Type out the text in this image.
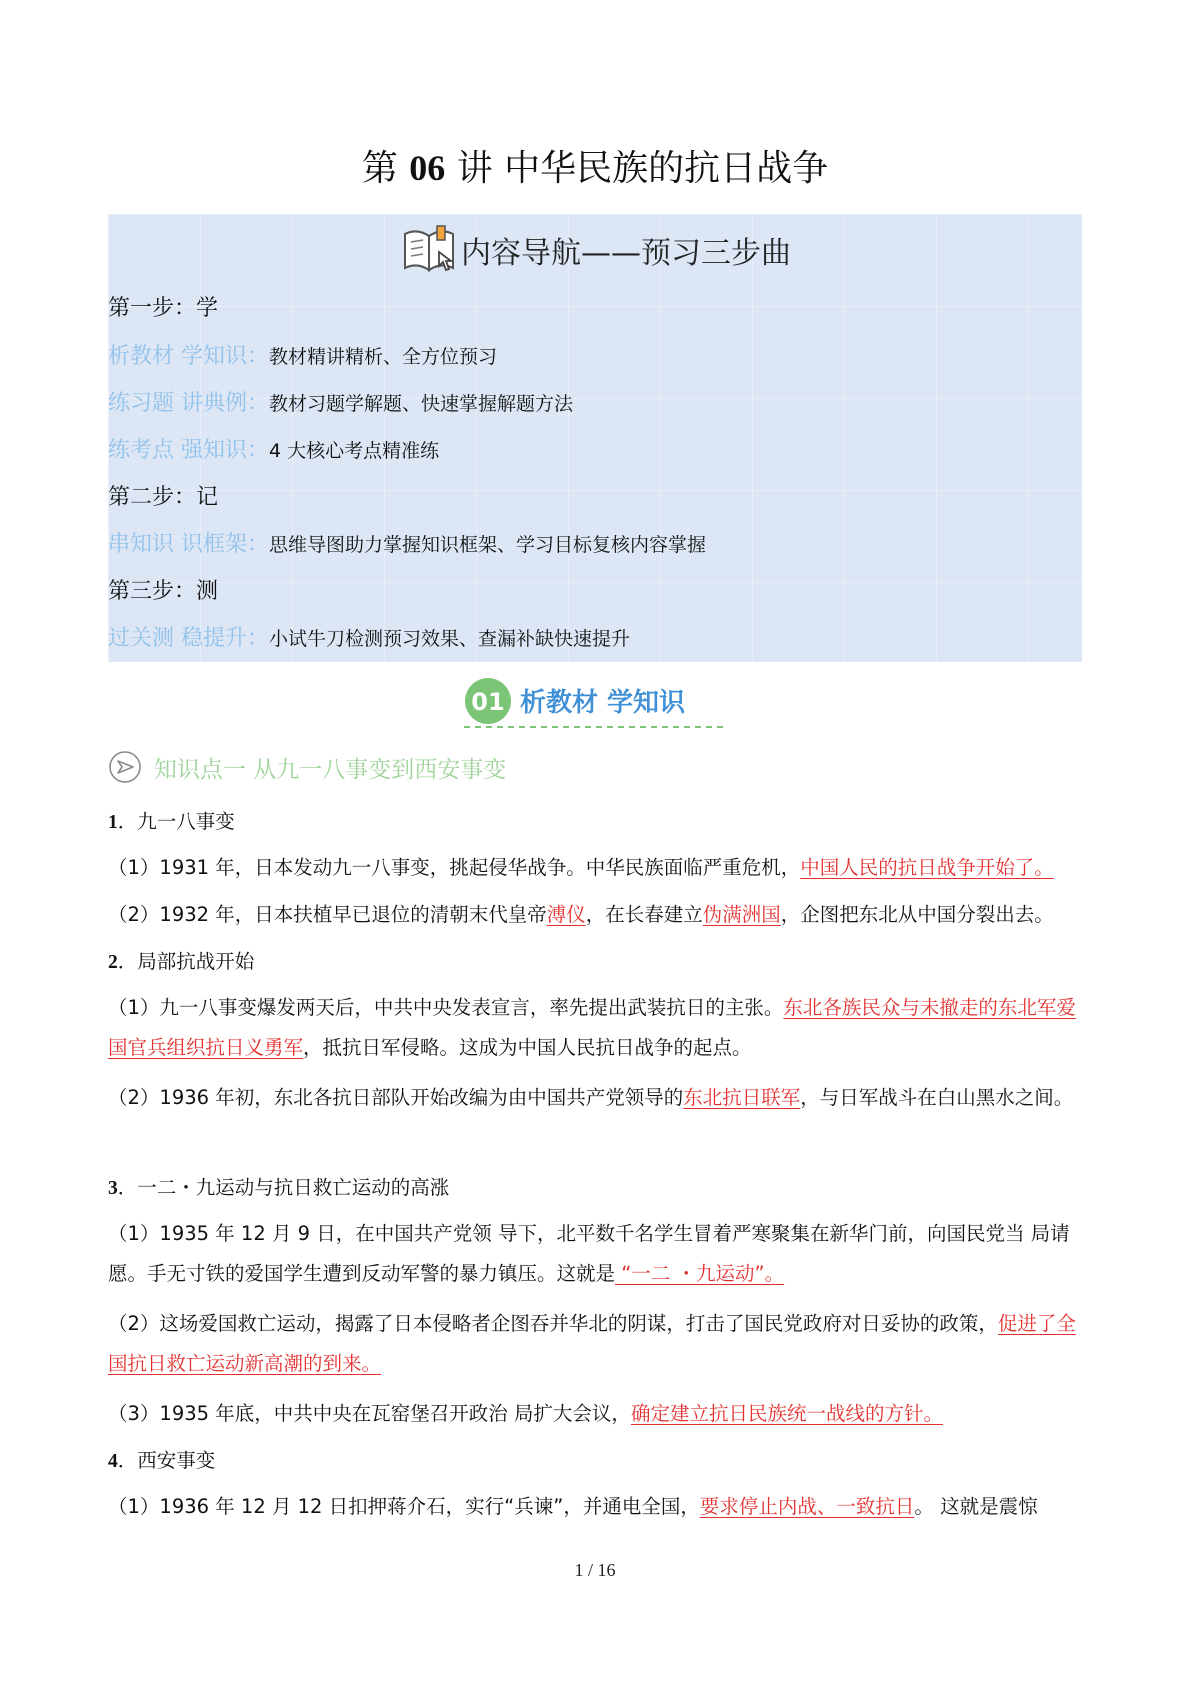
第 06 讲 中华民族的抗日战争
内容导航——预习三步曲
第一步：学
析教材 学知识：教材精讲精析、全方位预习
练习题 讲典例：教材习题学解题、快速掌握解题方法
练考点 强知识：4 大核心考点精准练
第二步：记
串知识 识框架：思维导图助力掌握知识框架、学习目标复核内容掌握
第三步：测
过关测 稳提升：小试牛刀检测预习效果、查漏补缺快速提升
01 析教材 学知识
知识点一 从九一八事变到西安事变
1．九一八事变
（1）1931 年，日本发动九一八事变，挑起侵华战争。中华民族面临严重危机，中国人民的抗日战争开始了。
（2）1932 年，日本扶植早已退位的清朝末代皇帝溥仪，在长春建立伪满洲国，企图把东北从中国分裂出去。
2．局部抗战开始
（1）九一八事变爆发两天后，中共中央发表宣言，率先提出武装抗日的主张。东北各族民众与未撤走的东北军爱国官兵组织抗日义勇军，抵抗日军侵略。这成为中国人民抗日战争的起点。
（2）1936 年初，东北各抗日部队开始改编为由中国共产党领导的东北抗日联军，与日军战斗在白山黑水之间。
3．一二・九运动与抗日救亡运动的高涨
（1）1935 年 12 月 9 日，在中国共产党领 导下，北平数千名学生冒着严寒聚集在新华门前，向国民党当 局请愿。手无寸铁的爱国学生遭到反动军警的暴力镇压。这就是 “一二 ・九运动”。
（2）这场爱国救亡运动，揭露了日本侵略者企图吞并华北的阴谋，打击了国民党政府对日妥协的政策，促进了全国抗日救亡运动新高潮的到来。
（3）1935 年底，中共中央在瓦窑堡召开政治 局扩大会议，确定建立抗日民族统一战线的方针。
4．西安事变
（1）1936 年 12 月 12 日扣押蒋介石，实行“兵谏”，并通电全国，要求停止内战、一致抗日。 这就是震惊
1 / 16
